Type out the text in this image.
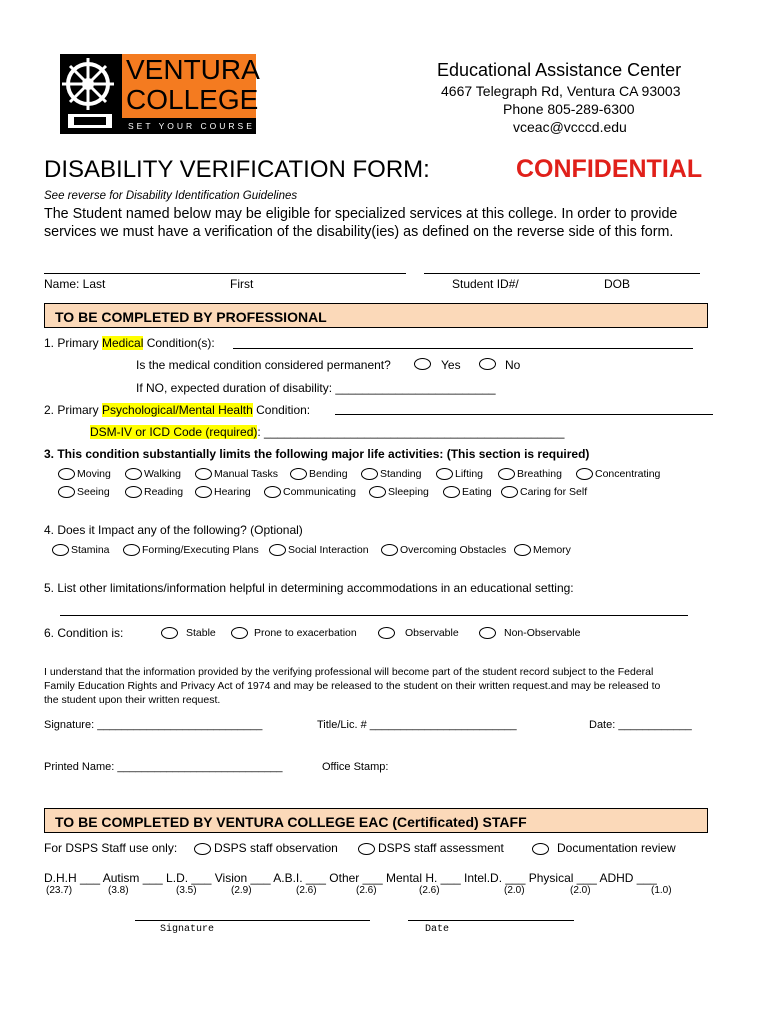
VENTURA
COLLEGE
SET YOUR COURSE
Educational Assistance Center
4667 Telegraph Rd, Ventura CA 93003
Phone 805-289-6300
vceac@vcccd.edu
DISABILITY VERIFICATION FORM:	CONFIDENTIAL
See reverse for Disability Identification Guidelines
The Student named below may be eligible for specialized services at this college. In order to provide
services we must have a verification of the disability(ies) as defined on the reverse side of this form.
Name: Last	First	Student ID#/	DOB
TO BE COMPLETED BY PROFESSIONAL
1. Primary Medical Condition(s):
Is the medical condition considered permanent?	Yes	No
If NO, expected duration of disability: ________________________
2. Primary Psychological/Mental Health Condition:
DSM-IV or ICD Code (required): _____________________________________________
3. This condition substantially limits the following major life activities: (This section is required)
Moving	Walking	Manual Tasks	Bending	Standing	Lifting	Breathing	Concentrating
Seeing	Reading	Hearing	Communicating	Sleeping	Eating	Caring for Self
4. Does it Impact any of the following? (Optional)
Stamina	Forming/Executing Plans	Social Interaction	Overcoming Obstacles	Memory
5. List other limitations/information helpful in determining accommodations in an educational setting:
6. Condition is:	Stable	Prone to exacerbation	Observable	Non-Observable
I understand that the information provided by the verifying professional will become part of the student record subject to the Federal
Family Education Rights and Privacy Act of 1974 and may be released to the student on their written request.and may be released to
the student upon their written request.
Signature: ___________________________	Title/Lic. # ________________________	Date: ____________
Printed Name: ___________________________	Office Stamp:
TO BE COMPLETED BY VENTURA COLLEGE EAC (Certificated) STAFF
For DSPS Staff use only:	DSPS staff observation	DSPS staff assessment	Documentation review
D.H.H ___ Autism ___ L.D. ___ Vision ___ A.B.I. ___ Other ___ Mental H. ___ Intel.D. ___ Physical ___ ADHD ___
(23.7)	(3.8)	(3.5)	(2.9)	(2.6)	(2.6)	(2.6)	(2.0)	(2.0)	(1.0)
Signature	Date
